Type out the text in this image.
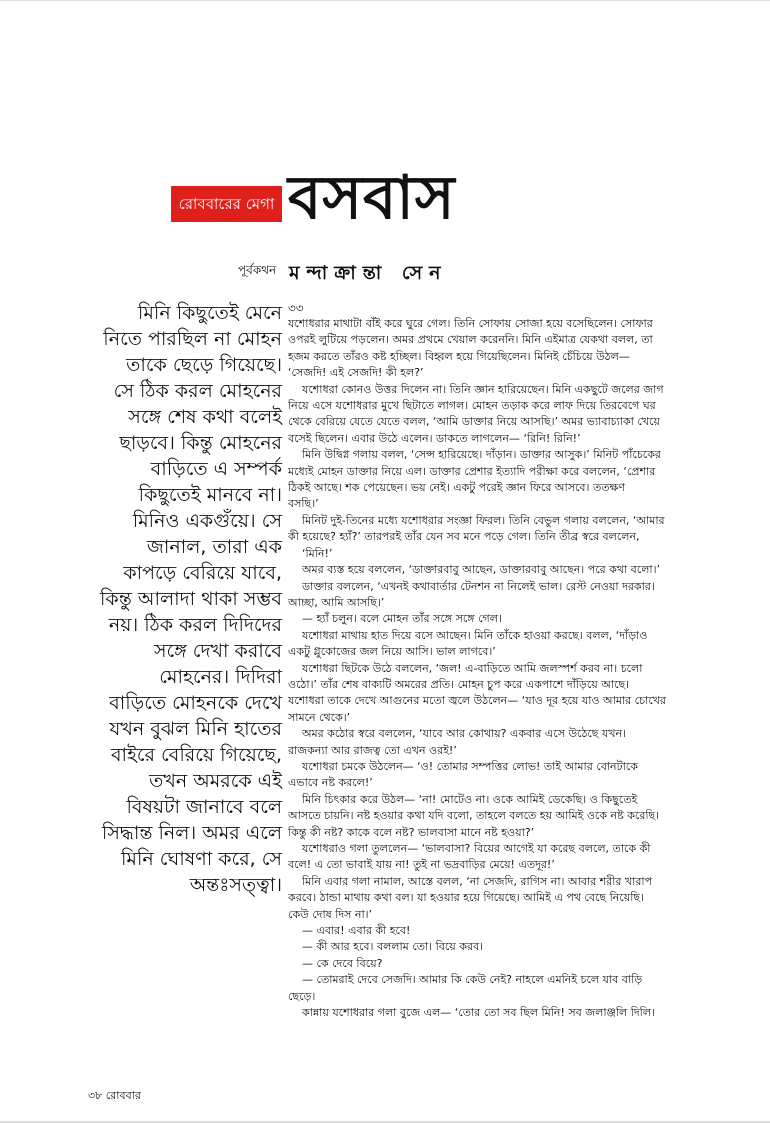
রোববারের মেগা বসবাস
পূর্বকথন মন্দাক্রান্তা সেন
মিনি কিছুতেই মেনে
নিতে পারছিল না মোহন
তাকে ছেড়ে গিয়েছে।
সে ঠিক করল মোহনের
সঙ্গে শেষ কথা বলেই
ছাড়বে। কিন্তু মোহনের
বাড়িতে এ সম্পর্ক
কিছুতেই মানবে না।
মিনিও একগুঁয়ে। সে
জানাল, তারা এক
কাপড়ে বেরিয়ে যাবে,
কিন্তু আলাদা থাকা সম্ভব
নয়। ঠিক করল দিদিদের
সঙ্গে দেখা করাবে
মোহনের। দিদিরা
বাড়িতে মোহনকে দেখে
যখন বুঝল মিনি হাতের
বাইরে বেরিয়ে গিয়েছে,
তখন অমরকে এই
বিষয়টা জানাবে বলে
সিদ্ধান্ত নিল। অমর এলে
মিনি ঘোষণা করে, সে
অন্তঃসত্ত্বা।
৩৩
যশোধরার মাথাটা বাঁই করে ঘুরে গেল। তিনি সোফায় সোজা হয়ে বসেছিলেন। সোফার
ওপরই লুটিয়ে পড়লেন। অমর প্রথমে খেয়াল করেননি। মিনি এইমাত্র যেকথা বলল, তা
হজম করতে তাঁরও কষ্ট হচ্ছিল। বিহ্বল হয়ে গিয়েছিলেন। মিনিই চেঁচিয়ে উঠল—
‘সেজদি! এই সেজদি! কী হল?’
যশোধরা কোনও উত্তর দিলেন না। তিনি জ্ঞান হারিয়েছেন। মিনি একছুটে জলের জাগ
নিয়ে এসে যশোধরার মুখে ছিটাতে লাগল। মোহন তড়াক করে লাফ দিয়ে তিরবেগে ঘর
থেকে বেরিয়ে যেতে যেতে বলল, ‘আমি ডাক্তার নিয়ে আসছি।’ অমর ভ্যাবাচ্যাকা খেয়ে
বসেই ছিলেন। এবার উঠে এলেন। ডাকতে লাগলেন— ‘রিনি! রিনি!’
মিনি উদ্বিগ্ন গলায় বলল, ‘সেন্স হারিয়েছে। দাঁড়ান। ডাক্তার আসুক।’ মিনিট পাঁচেকের
মধ্যেই মোহন ডাক্তার নিয়ে এল। ডাক্তার প্রেশার ইত্যাদি পরীক্ষা করে বললেন, ‘প্রেশার
ঠিকই আছে। শক পেয়েছেন। ভয় নেই। একটু পরেই জ্ঞান ফিরে আসবে। ততক্ষণ
বসছি।’
মিনিট দুই-তিনের মধ্যে যশোধরার সংজ্ঞা ফিরল। তিনি বেভুল গলায় বললেন, ‘আমার
কী হয়েছে? হ্যাঁ?’ তারপরই তাঁর যেন সব মনে পড়ে গেল। তিনি তীব্র স্বরে বললেন,
‘মিনি!’
অমর ব্যস্ত হয়ে বললেন, ‘ডাক্তারবাবু আছেন, ডাক্তারবাবু আছেন। পরে কথা বলো।’
ডাক্তার বললেন, ‘এখনই কথাবার্তার টেনশন না নিলেই ভাল। রেস্ট নেওয়া দরকার।
আচ্ছা, আমি আসছি।’
— হ্যাঁ চলুন। বলে মোহন তাঁর সঙ্গে সঙ্গে গেল।
যশোধরা মাথায় হাত দিয়ে বসে আছেন। মিনি তাঁকে হাওয়া করছে। বলল, ‘দাঁড়াও
একটু গ্লুকোজের জল নিয়ে আসি। ভাল লাগবে।’
যশোধরা ছিটকে উঠে বললেন, ‘জল! এ-বাড়িতে আমি জলস্পর্শ করব না। চলো
ওঠো।’ তাঁর শেষ বাক্যটি অমরের প্রতি। মোহন চুপ করে একপাশে দাঁড়িয়ে আছে।
যশোধরা তাকে দেখে আগুনের মতো জ্বলে উঠলেন— ‘যাও দূর হয়ে যাও আমার চোখের
সামনে থেকে।’
অমর কঠোর স্বরে বললেন, ‘যাবে আর কোথায়? একবার এসে উঠেছে যখন।
রাজকন্যা আর রাজত্ব তো এখন ওরই!’
যশোধরা চমকে উঠলেন— ‘ও! তোমার সম্পত্তির লোভ! তাই আমার বোনটাকে
এভাবে নষ্ট করলে!’
মিনি চিৎকার করে উঠল— ‘না! মোটেও না। ওকে আমিই ডেকেছি। ও কিছুতেই
আসতে চায়নি। নষ্ট হওয়ার কথা যদি বলো, তাহলে বলতে হয় আমিই ওকে নষ্ট করেছি।
কিন্তু কী নষ্ট? কাকে বলে নষ্ট? ভালবাসা মানে নষ্ট হওয়া?’
যশোধরাও গলা তুললেন— ‘ভালবাসা? বিয়ের আগেই যা করেছ বললে, তাকে কী
বলে! এ তো ভাবাই যায় না! তুই না ভদ্রবাড়ির মেয়ে! এতদূর!’
মিনি এবার গলা নামাল, আস্তে বলল, ‘না সেজদি, রাগিস না। আবার শরীর খারাপ
করবে। ঠান্ডা মাথায় কথা বল। যা হওয়ার হয়ে গিয়েছে। আমিই এ পথ বেছে নিয়েছি।
কেউ দোষ দিস না।’
— এবার! এবার কী হবে!
— কী আর হবে। বললাম তো। বিয়ে করব।
— কে দেবে বিয়ে?
— তোমরাই দেবে সেজদি। আমার কি কেউ নেই? নাহলে এমনিই চলে যাব বাড়ি
ছেড়ে।
কান্নায় যশোধরার গলা বুজে এল— ‘তোর তো সব ছিল মিনি! সব জলাঞ্জলি দিলি।
৩৮ রোববার
